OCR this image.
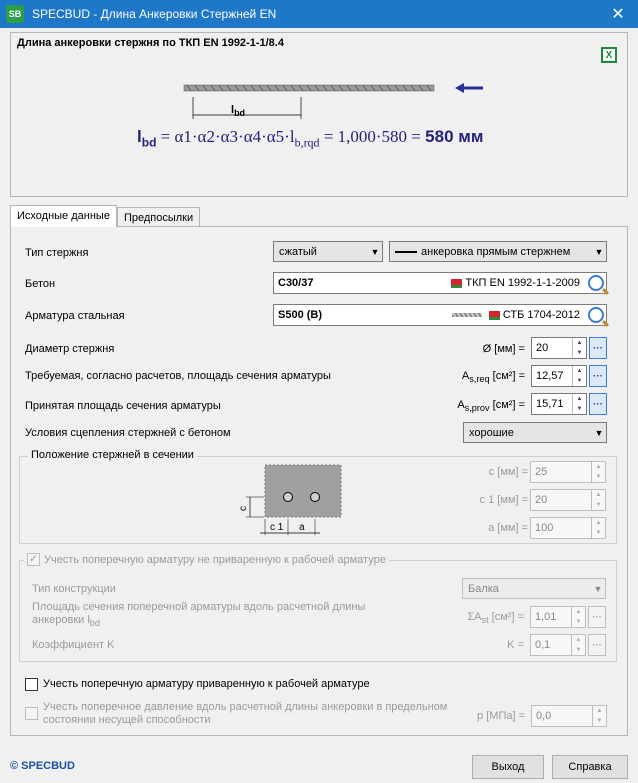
SB SPECBUD - Длина Анкеровки Стержней EN	✕
Длина анкеровки стержня по ТКП EN 1992-1-1/8.4
X
$l_{bd}$
$l_{bd} = \alpha 1\cdot\alpha 2\cdot\alpha 3\cdot\alpha 4\cdot\alpha 5\cdot l_{b,rqd} = 1,000\cdot 580 = 580$ мм
Исходные данные	Предпосылки
Тип стержня	сжатый	▼	анкеровка прямым стержнем	▼
Бетон	C30/37	ТКП EN 1992-1-1-2009
Арматура стальная	S500 (B)	СТБ 1704-2012
Диаметр стержня	Ø [мм] = 20	▲
▼	···
Требуемая, согласно расчетов, площадь сечения арматуры	$A_{s,req}$ [см²] = 12,57 ▲
▼	···
Принятая площадь сечения арматуры	$A_{s,prov}$ [см²] = 15,71 ▲
▼	···
Условия сцепления стержней с бетоном	хорошие	▼
Положение стержней в сечении
c
c 1 a
c [мм] = 25	▲
▼
c 1 [мм] = 20	▲
▼
a [мм] = 100	▲
▼
✓
Учесть поперечную арматуру не приваренную к рабочей арматуре
Тип конструкции	Балка	▼
Площадь сечения поперечной арматуры вдоль расчетной длины
анкеровки $l_{bd}$
$\Sigma A_{st}$ [см²] = 1,01	▲
▼	···
Коэффициент K	K = 0,1	▲
▼	···
Учесть поперечную арматуру приваренную к рабочей арматуре
Учесть поперечное давление вдоль расчетной длины анкеровки в предельном
состоянии несущей способности	p [МПа] = 0,0	▲
▼
© SPECBUD	Выход	Справка
